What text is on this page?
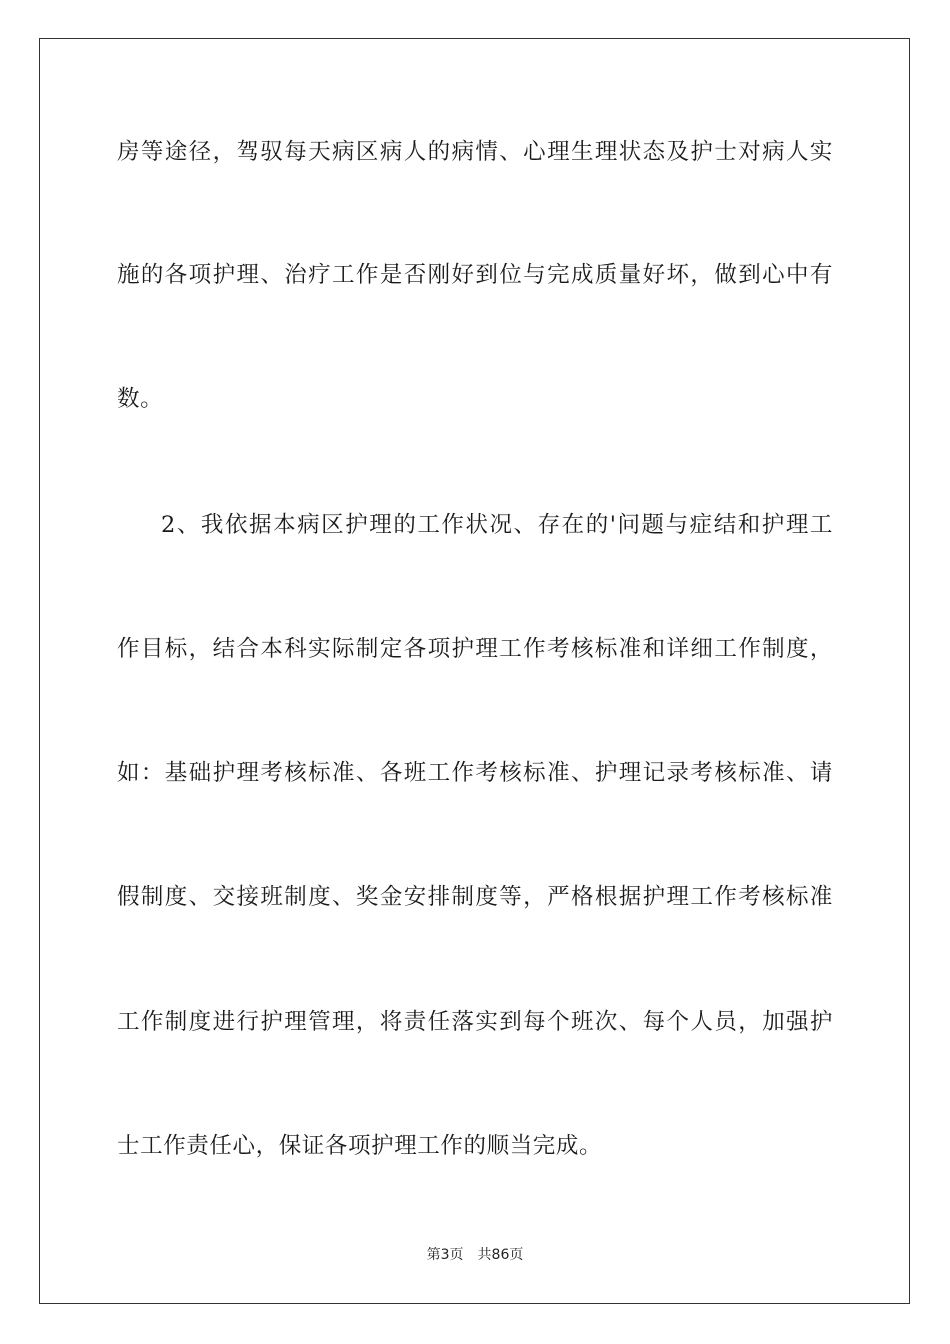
房等途径，驾驭每天病区病人的病情、心理生理状态及护士对病人实
施的各项护理、治疗工作是否刚好到位与完成质量好坏，做到心中有
数。
2、我依据本病区护理的工作状况、存在的'问题与症结和护理工
作目标，结合本科实际制定各项护理工作考核标准和详细工作制度，
如：基础护理考核标准、各班工作考核标准、护理记录考核标准、请
假制度、交接班制度、奖金安排制度等，严格根据护理工作考核标准
工作制度进行护理管理，将责任落实到每个班次、每个人员，加强护
士工作责任心，保证各项护理工作的顺当完成。
第3页 共86页
